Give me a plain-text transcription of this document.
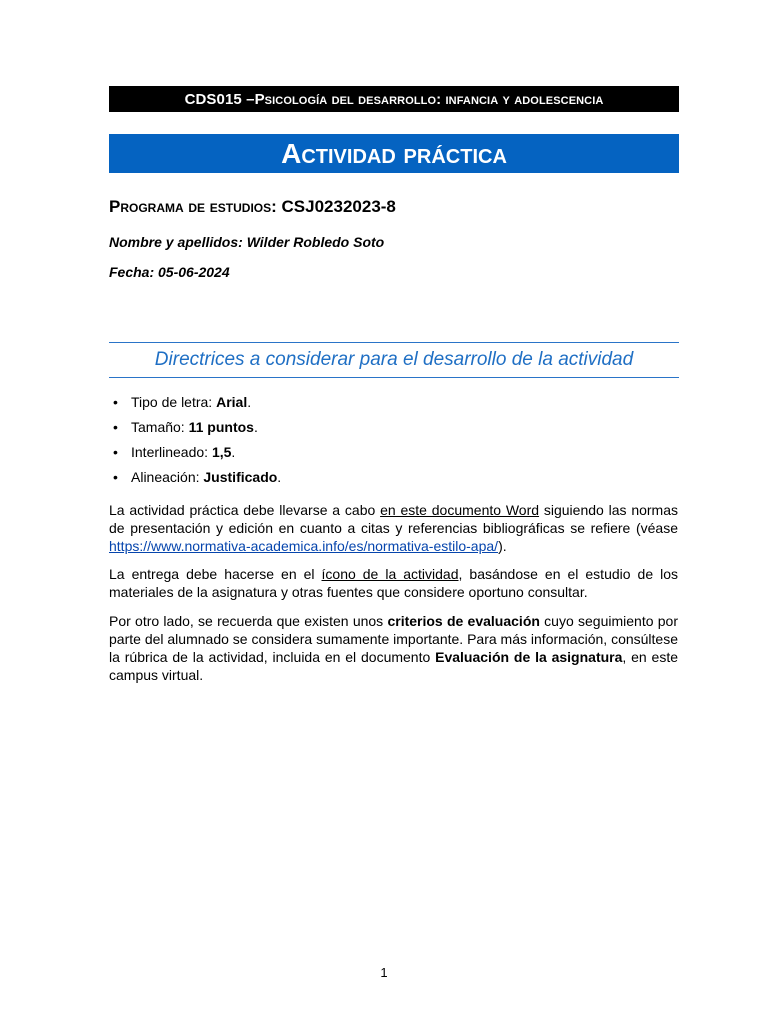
CDS015 – Psicología del desarrollo: infancia y adolescencia
Actividad práctica
Programa de estudios: CSJ0232023-8
Nombre y apellidos: Wilder Robledo Soto
Fecha: 05-06-2024
Directrices a considerar para el desarrollo de la actividad
• Tipo de letra: Arial.
• Tamaño: 11 puntos.
• Interlineado: 1,5.
• Alineación: Justificado.

La actividad práctica debe llevarse a cabo en este documento Word siguiendo las normas de presentación y edición en cuanto a citas y referencias bibliográficas se refiere (véase https://www.normativa-academica.info/es/normativa-estilo-apa/).

La entrega debe hacerse en el ícono de la actividad, basándose en el estudio de los materiales de la asignatura y otras fuentes que considere oportuno consultar.

Por otro lado, se recuerda que existen unos criterios de evaluación cuyo seguimiento por parte del alumnado se considera sumamente importante. Para más información, consúltese la rúbrica de la actividad, incluida en el documento Evaluación de la asignatura, en este campus virtual.

1
